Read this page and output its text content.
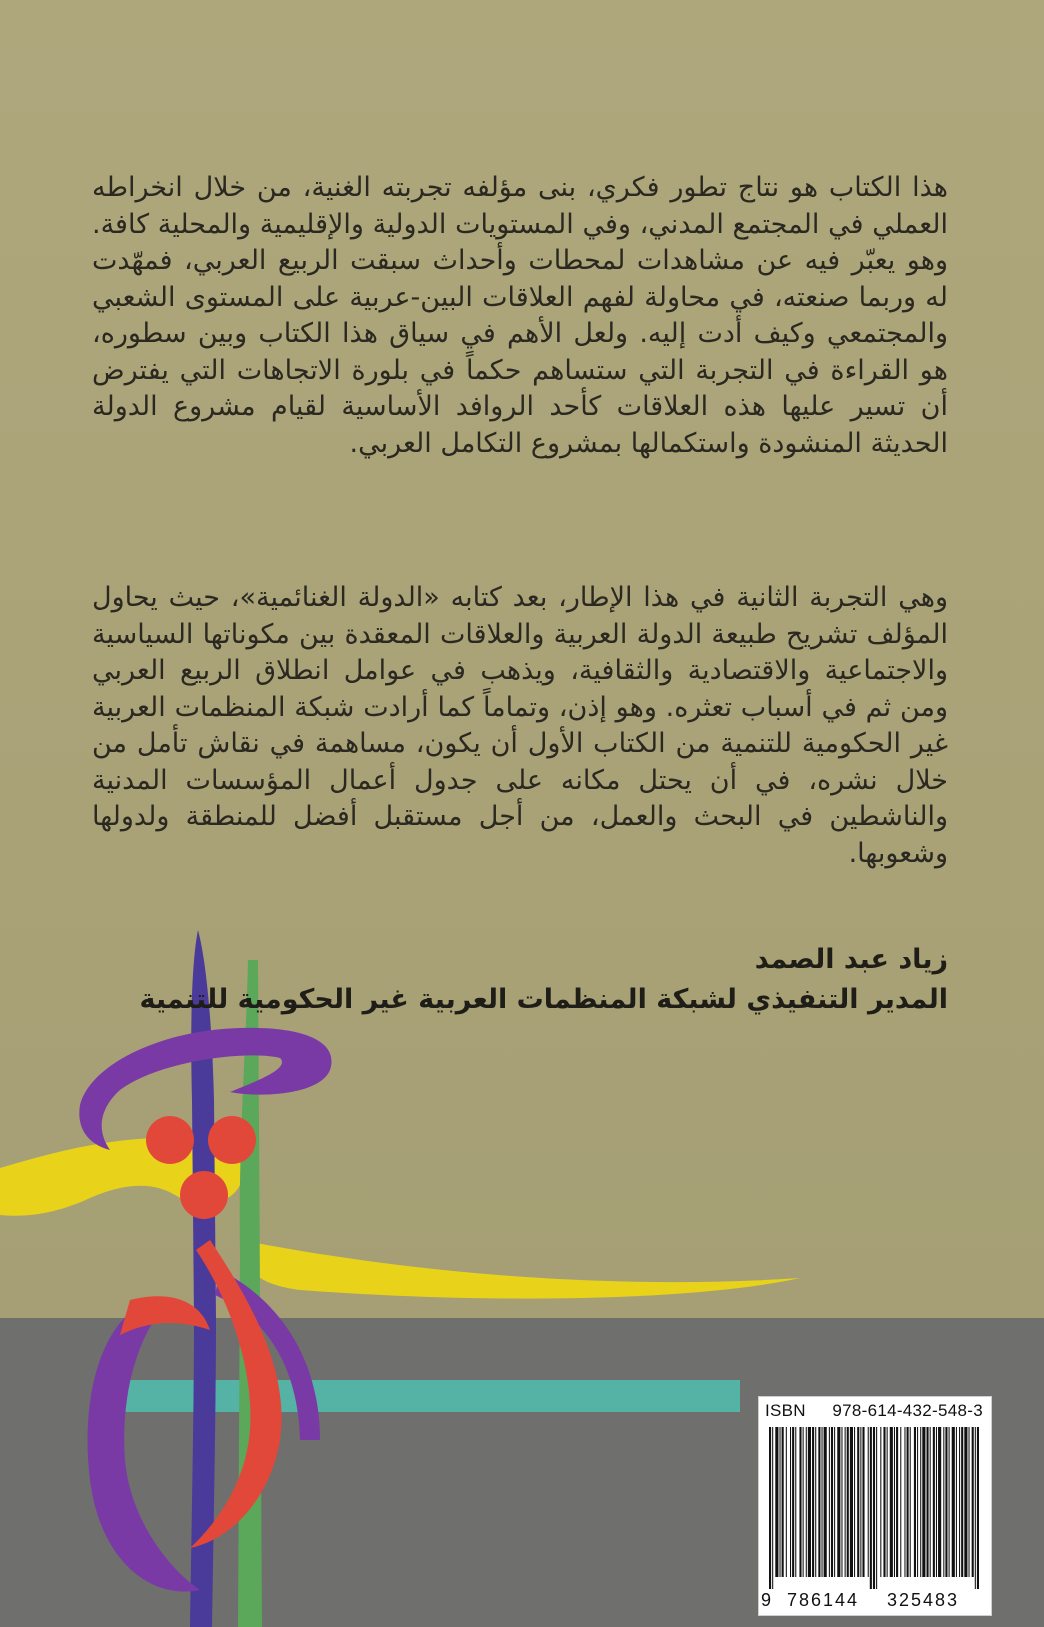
هذا الكتاب هو نتاج تطور فكري، بنى مؤلفه تجربته الغنية، من خلال انخراطه العملي في المجتمع المدني، وفي المستويات الدولية والإقليمية والمحلية كافة. وهو يعبّر فيه عن مشاهدات لمحطات وأحداث سبقت الربيع العربي، فمهّدت له وربما صنعته، في محاولة لفهم العلاقات البين-عربية على المستوى الشعبي والمجتمعي وكيف أدت إليه. ولعل الأهم في سياق هذا الكتاب وبين سطوره، هو القراءة في التجربة التي ستساهم حكماً في بلورة الاتجاهات التي يفترض أن تسير عليها هذه العلاقات كأحد الروافد الأساسية لقيام مشروع الدولة الحديثة المنشودة واستكمالها بمشروع التكامل العربي.
وهي التجربة الثانية في هذا الإطار، بعد كتابه «الدولة الغنائمية»، حيث يحاول المؤلف تشريح طبيعة الدولة العربية والعلاقات المعقدة بين مكوناتها السياسية والاجتماعية والاقتصادية والثقافية، ويذهب في عوامل انطلاق الربيع العربي ومن ثم في أسباب تعثره. وهو إذن، وتماماً كما أرادت شبكة المنظمات العربية غير الحكومية للتنمية من الكتاب الأول أن يكون، مساهمة في نقاش تأمل من خلال نشره، في أن يحتل مكانه على جدول أعمال المؤسسات المدنية والناشطين في البحث والعمل، من أجل مستقبل أفضل للمنطقة ولدولها وشعوبها.
زياد عبد الصمد
المدير التنفيذي لشبكة المنظمات العربية غير الحكومية للتنمية
ISBN 978-614-432-548-3
9 786144 325483
